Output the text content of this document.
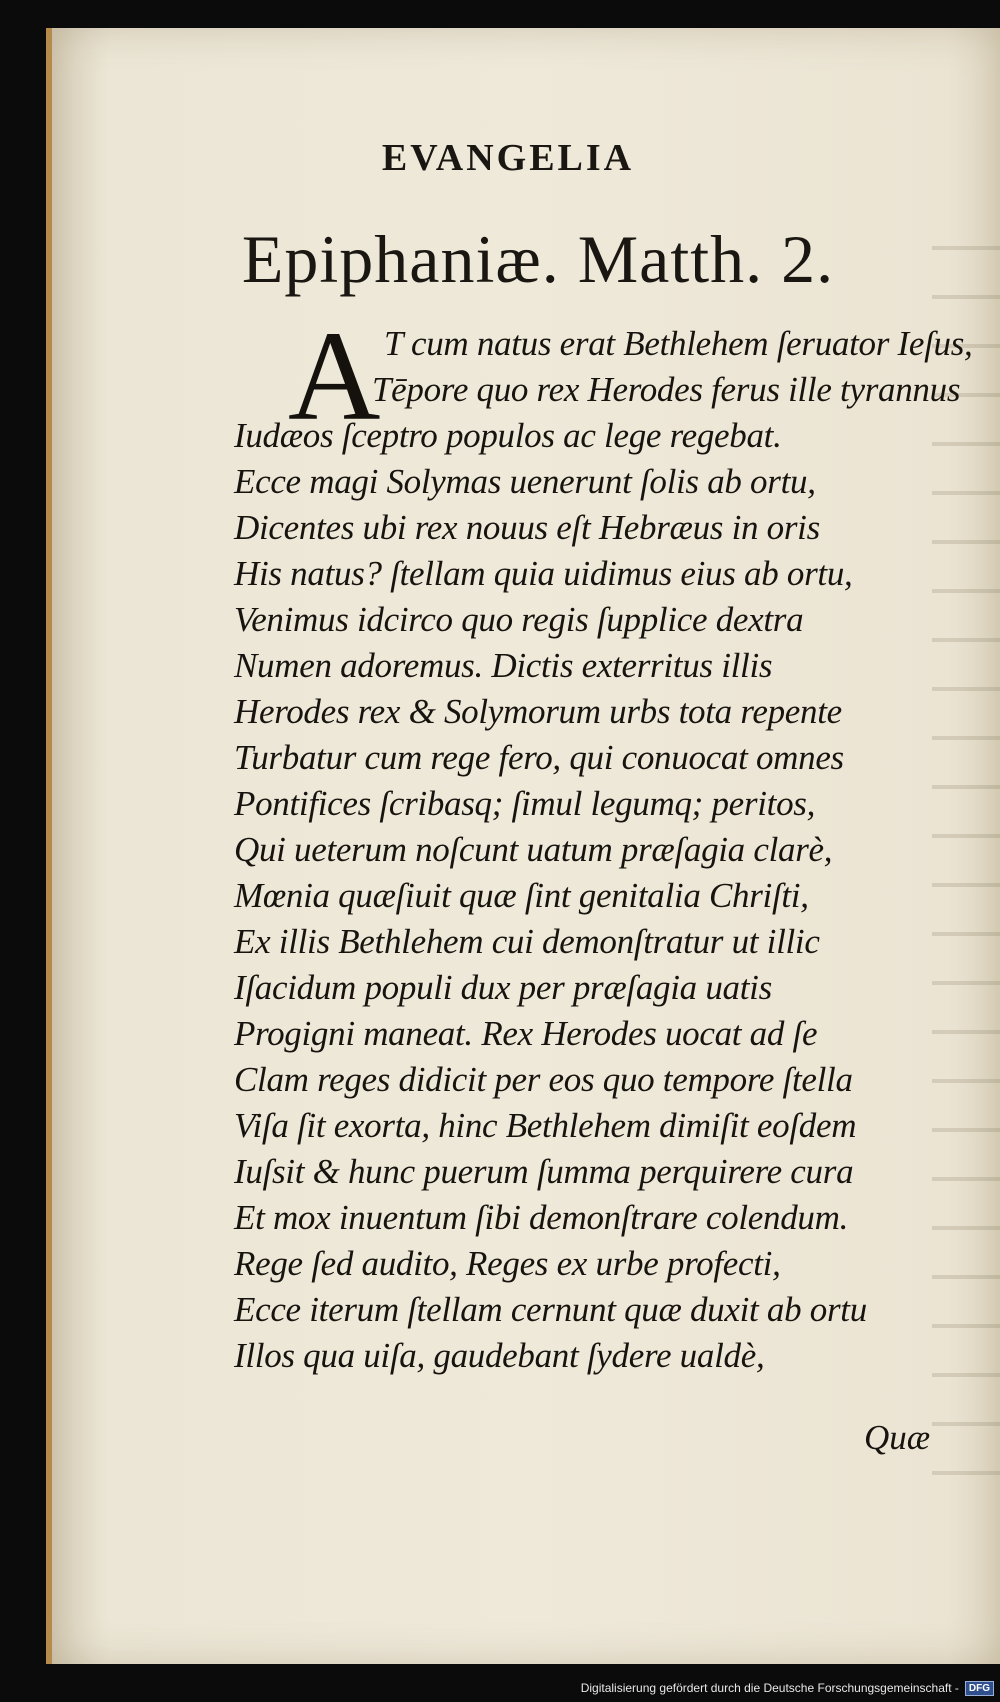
EVANGELIA
Epiphaniæ. Matth. 2.
A T cum natus erat Bethlehem ſeruator Ieſus,
Tēpore quo rex Herodes ferus ille tyrannus
Iudæos ſceptro populos ac lege regebat.
Ecce magi Solymas uenerunt ſolis ab ortu,
Dicentes ubi rex nouus eſt Hebræus in oris
His natus? ſtellam quia uidimus eius ab ortu,
Venimus idcirco quo regis ſupplice dextra
Numen adoremus. Dictis exterritus illis
Herodes rex & Solymorum urbs tota repente
Turbatur cum rege fero, qui conuocat omnes
Pontifices ſcribasq; ſimul legumq; peritos,
Qui ueterum noſcunt uatum præſagia clarè,
Mœnia quæſiuit quæ ſint genitalia Chriſti,
Ex illis Bethlehem cui demonſtratur ut illic
Iſacidum populi dux per præſagia uatis
Progigni maneat. Rex Herodes uocat ad ſe
Clam reges didicit per eos quo tempore ſtella
Viſa ſit exorta, hinc Bethlehem dimiſit eoſdem
Iuſsit & hunc puerum ſumma perquirere cura
Et mox inuentum ſibi demonſtrare colendum.
Rege ſed audito, Reges ex urbe profecti,
Ecce iterum ſtellam cernunt quæ duxit ab ortu
Illos qua uiſa, gaudebant ſydere ualdè,
Quæ
Digitalisierung gefördert durch die Deutsche Forschungsgemeinschaft -	DFG
